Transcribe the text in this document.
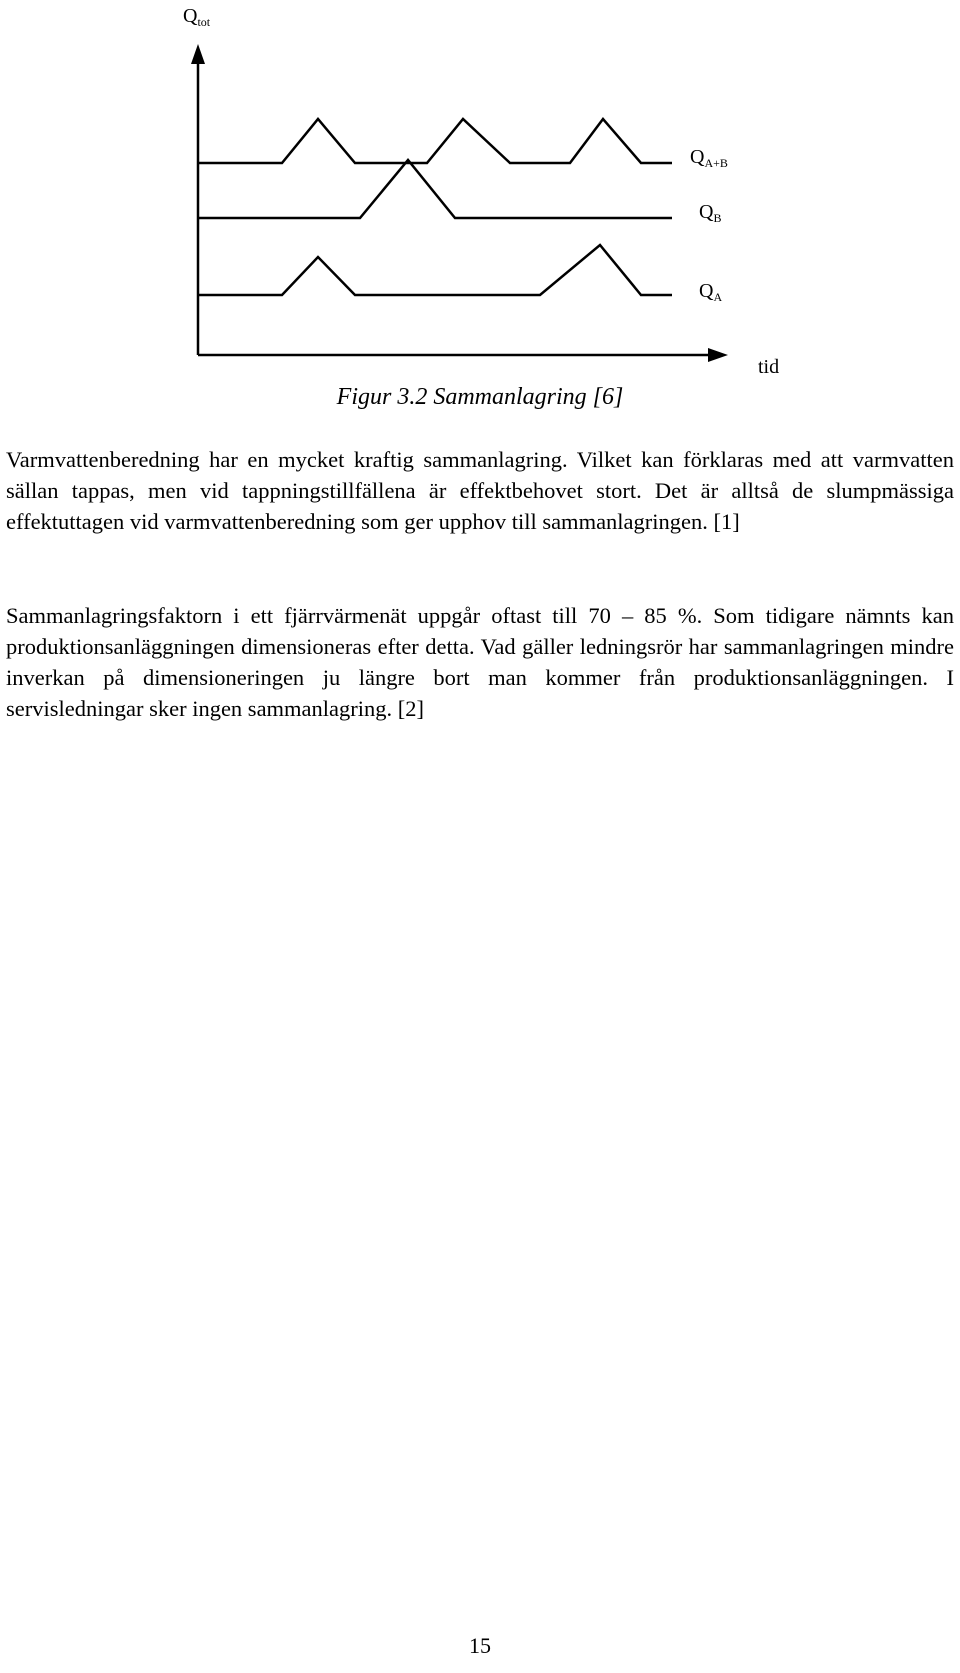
$Q_{tot}$
$Q_{A+B}$
$Q_B$
$Q_A$
tid
Figur 3.2 Sammanlagring [6]

Varmvattenberedning har en mycket kraftig sammanlagring. Vilket kan förklaras med att varmvatten sällan tappas, men vid tappningstillfällena är effektbehovet stort. Det är alltså de slumpmässiga effektuttagen vid varmvattenberedning som ger upphov till sammanlagringen. [1]

Sammanlagringsfaktorn i ett fjärrvärmenät uppgår oftast till 70 – 85 %. Som tidigare nämnts kan produktionsanläggningen dimensioneras efter detta. Vad gäller ledningsrör har sammanlagringen mindre inverkan på dimensioneringen ju längre bort man kommer från produktionsanläggningen. I servisledningar sker ingen sammanlagring. [2]

15
